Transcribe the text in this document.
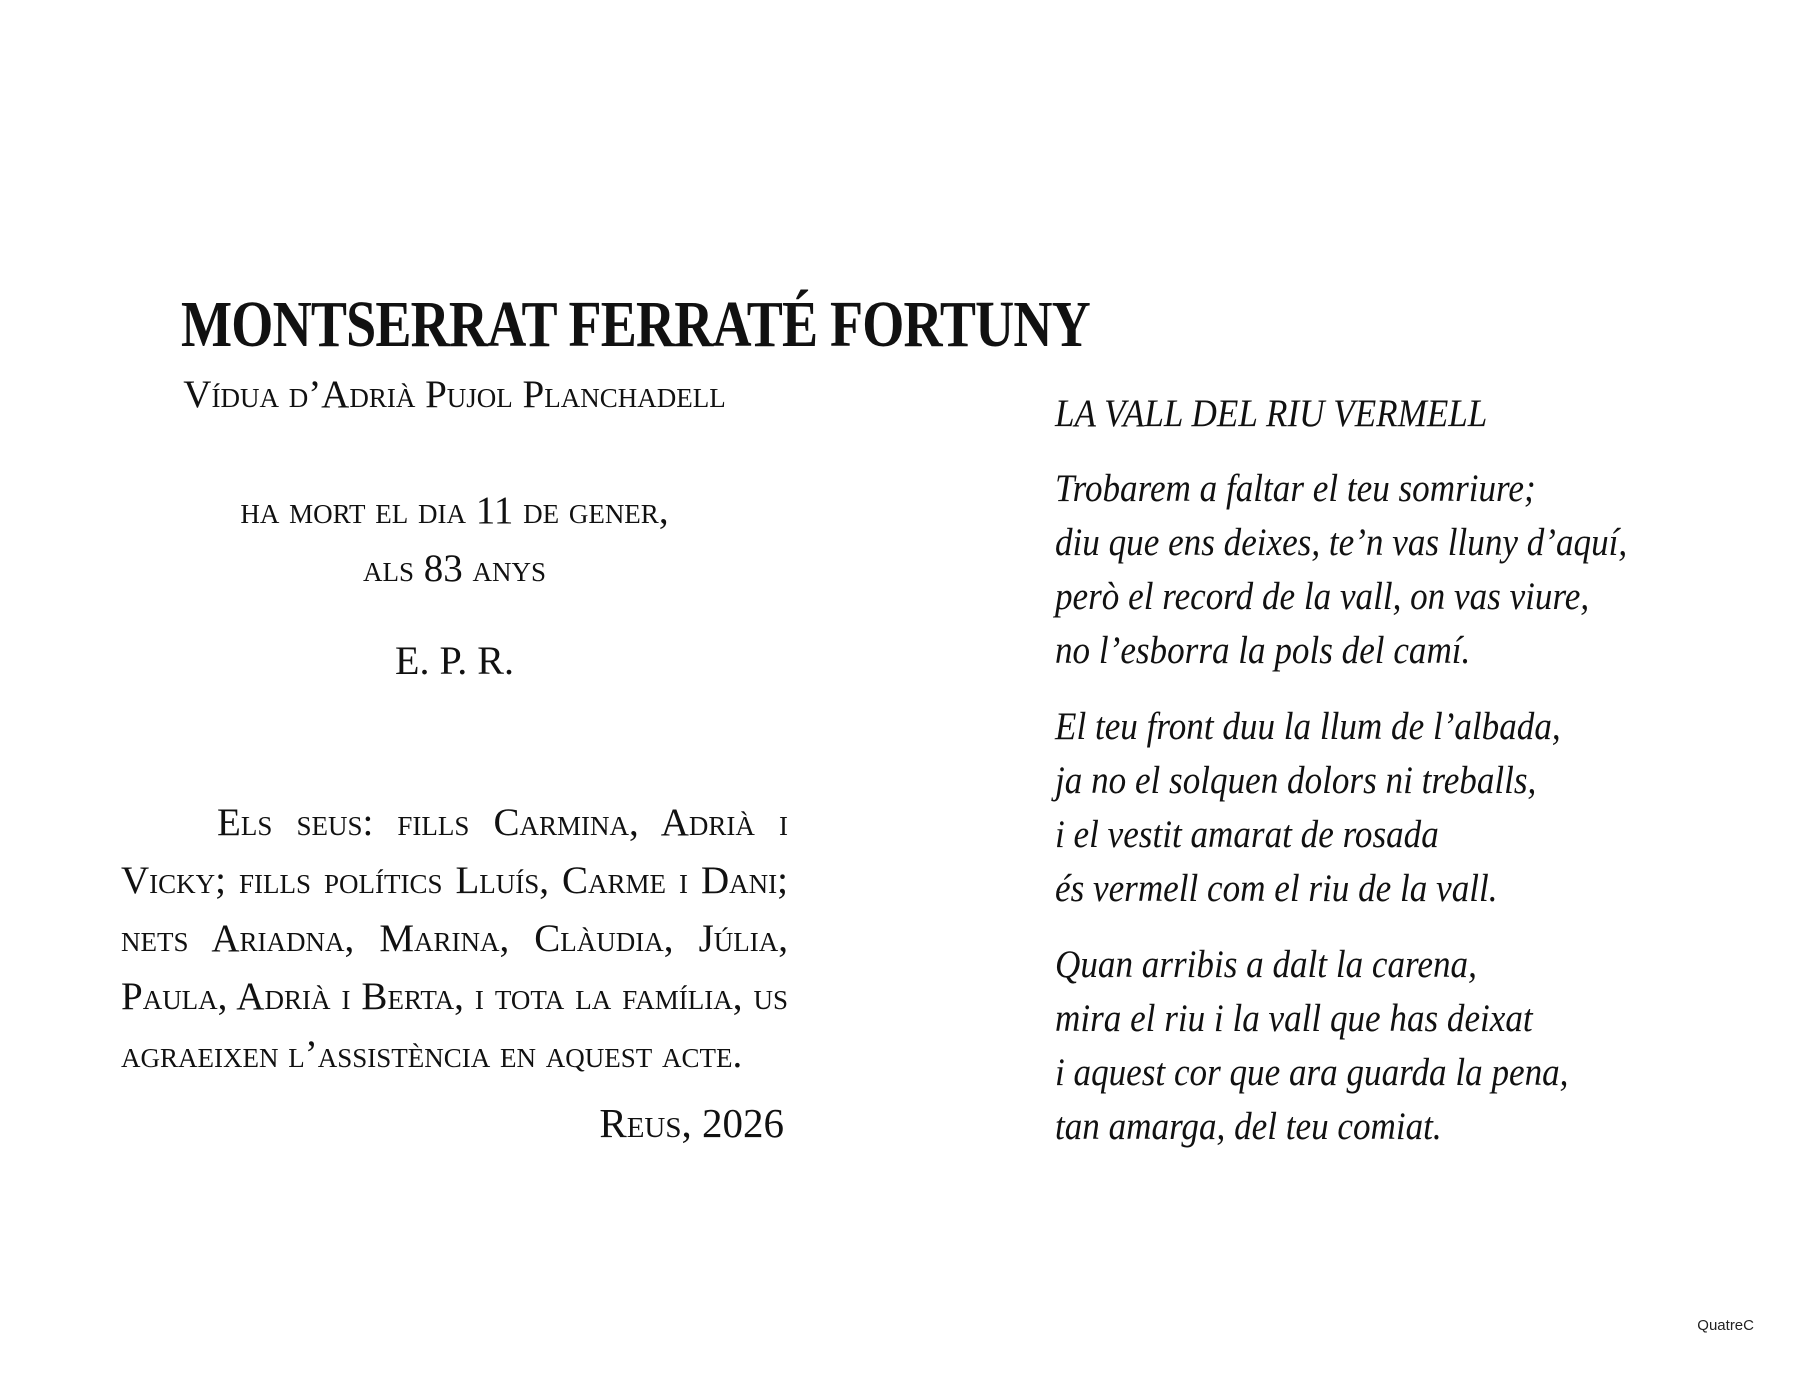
MONTSERRAT FERRATÉ FORTUNY
Vídua d’Adrià Pujol Planchadell
ha mort el dia 11 de gener,
als 83 anys
E. P. R.
Els seus: fills Carmina, Adrià i Vicky; fills polítics Lluís, Carme i Dani; nets Ariadna, Marina, Clàudia, Júlia, Paula, Adrià i Berta, i tota la família, us agraeixen l’assistència en aquest acte.
Reus, 2026
LA VALL DEL RIU VERMELL
Trobarem a faltar el teu somriure;
diu que ens deixes, te’n vas lluny d’aquí,
però el record de la vall, on vas viure,
no l’esborra la pols del camí.
El teu front duu la llum de l’albada,
ja no el solquen dolors ni treballs,
i el vestit amarat de rosada
és vermell com el riu de la vall.
Quan arribis a dalt la carena,
mira el riu i la vall que has deixat
i aquest cor que ara guarda la pena,
tan amarga, del teu comiat.
QuatreC
